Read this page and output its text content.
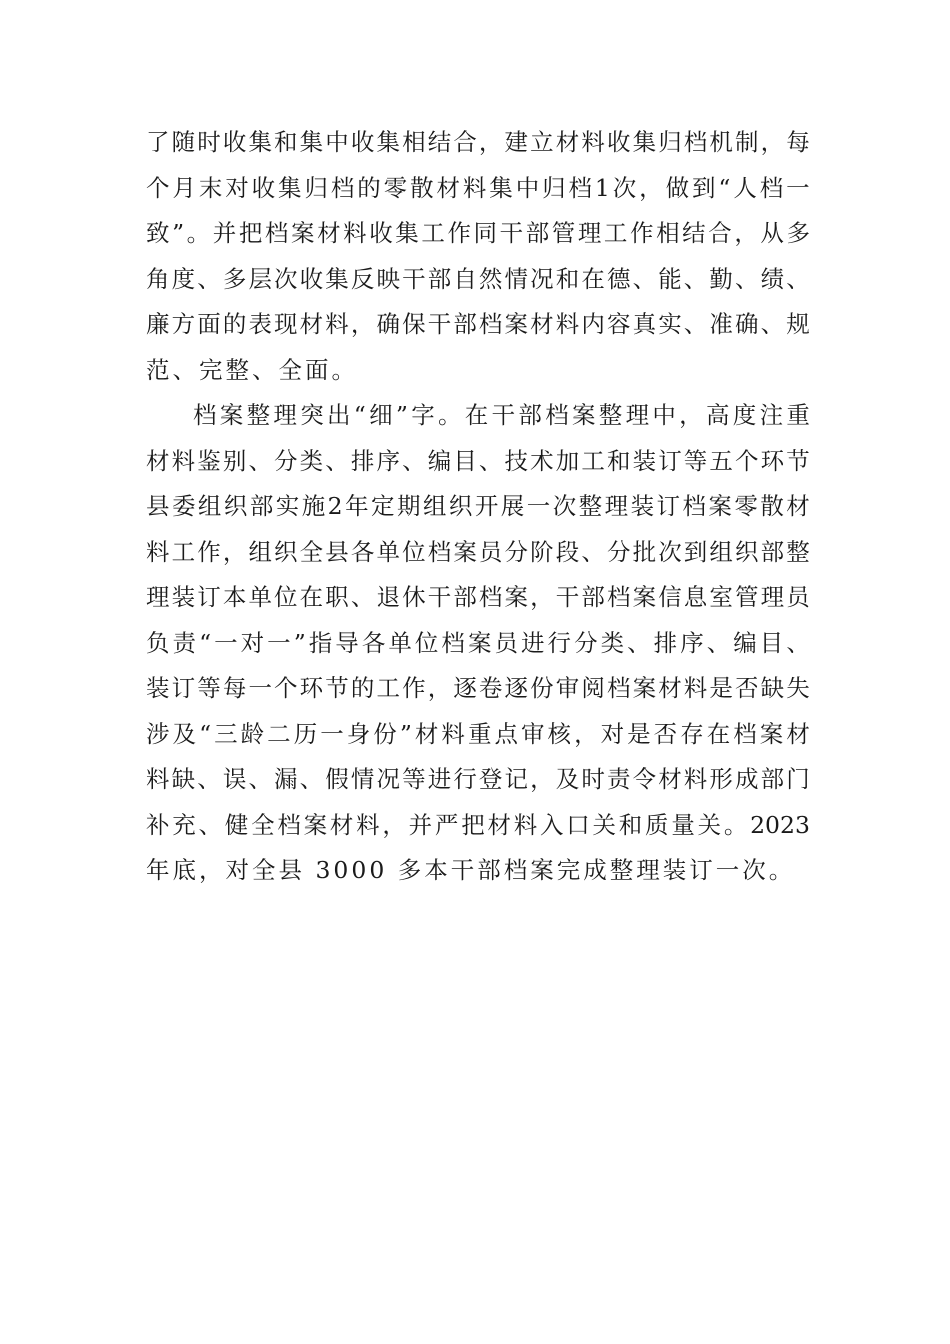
了 随 时 收 集 和 集 中 收 集 相 结 合 ， 建 立 材 料 收 集 归 档 机 制 ， 每
个 月 末 对 收 集 归 档 的 零 散 材 料 集 中 归 档 1 次 ， 做 到 “ 人 档 一
致 ” 。 并 把 档 案 材 料 收 集 工 作 同 干 部 管 理 工 作 相 结 合 ， 从 多
角 度 、 多 层 次 收 集 反 映 干 部 自 然 情 况 和 在 德 、 能 、 勤 、 绩 、
廉 方 面 的 表 现 材 料 ， 确 保 干 部 档 案 材 料 内 容 真 实 、 准 确 、 规
范、完整、全面。
档 案 整 理 突 出 “ 细 ” 字 。 在 干 部 档 案 整 理 中 ， 高 度 注 重
材 料 鉴 别 、 分 类 、 排 序 、 编 目 、 技 术 加 工 和 装 订 等 五 个 环 节
县 委 组 织 部 实 施 2 年 定 期 组 织 开 展 一 次 整 理 装 订 档 案 零 散 材
料 工 作 ， 组 织 全 县 各 单 位 档 案 员 分 阶 段 、 分 批 次 到 组 织 部 整
理 装 订 本 单 位 在 职 、 退 休 干 部 档 案 ， 干 部 档 案 信 息 室 管 理 员
负 责 “ 一 对 一 ” 指 导 各 单 位 档 案 员 进 行 分 类 、 排 序 、 编 目 、
装 订 等 每 一 个 环 节 的 工 作 ， 逐 卷 逐 份 审 阅 档 案 材 料 是 否 缺 失
涉 及 “ 三 龄 二 历 一 身 份 ” 材 料 重 点 审 核 ， 对 是 否 存 在 档 案 材
料 缺 、 误 、 漏 、 假 情 况 等 进 行 登 记 ， 及 时 责 令 材 料 形 成 部 门
补 充 、 健 全 档 案 材 料 ， 并 严 把 材 料 入 口 关 和 质 量 关 。 2023
年底，对全县 3000 多本干部档案完成整理装订一次。
